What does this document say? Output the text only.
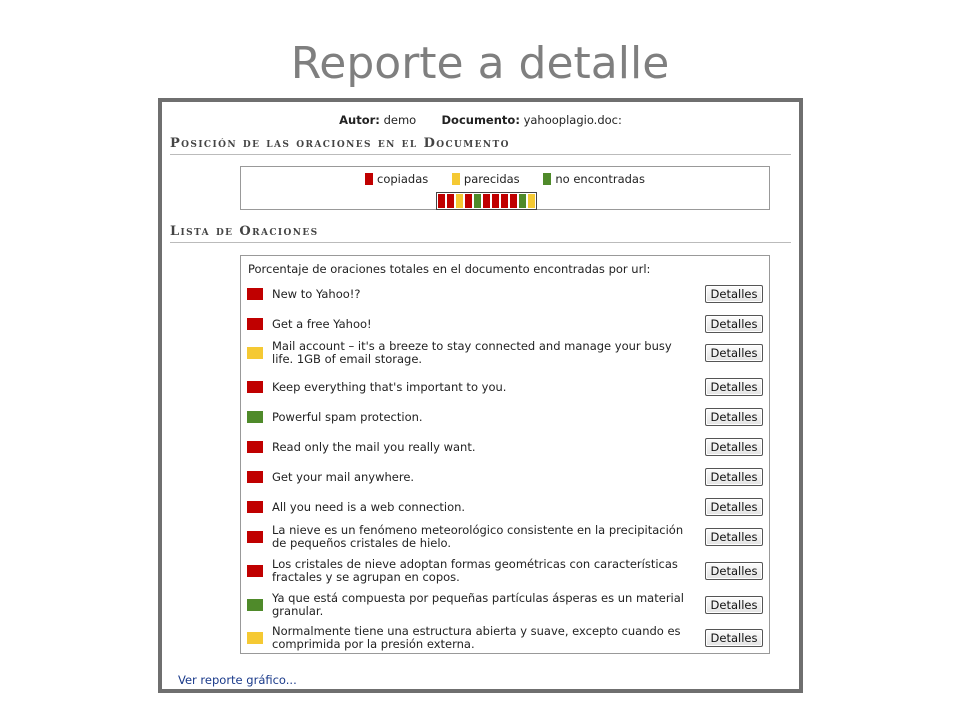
Reporte a detalle
Autor: demo Documento: yahooplagio.doc:
Posición de las oraciones en el Documento
copiadas	parecidas	no encontradas
Lista de Oraciones
Porcentaje de oraciones totales en el documento encontradas por url:
New to Yahoo!?	Detalles
Get a free Yahoo!	Detalles
Mail account – it's a breeze to stay connected and manage your busy life. 1GB of email storage.	Detalles
Keep everything that's important to you.	Detalles
Powerful spam protection.	Detalles
Read only the mail you really want.	Detalles
Get your mail anywhere.	Detalles
All you need is a web connection.	Detalles
La nieve es un fenómeno meteorológico consistente en la precipitación de pequeños cristales de hielo.	Detalles
Los cristales de nieve adoptan formas geométricas con características fractales y se agrupan en copos.	Detalles
Ya que está compuesta por pequeñas partículas ásperas es un material granular.	Detalles
Normalmente tiene una estructura abierta y suave, excepto cuando es comprimida por la presión externa.	Detalles
Ver reporte gráfico...
